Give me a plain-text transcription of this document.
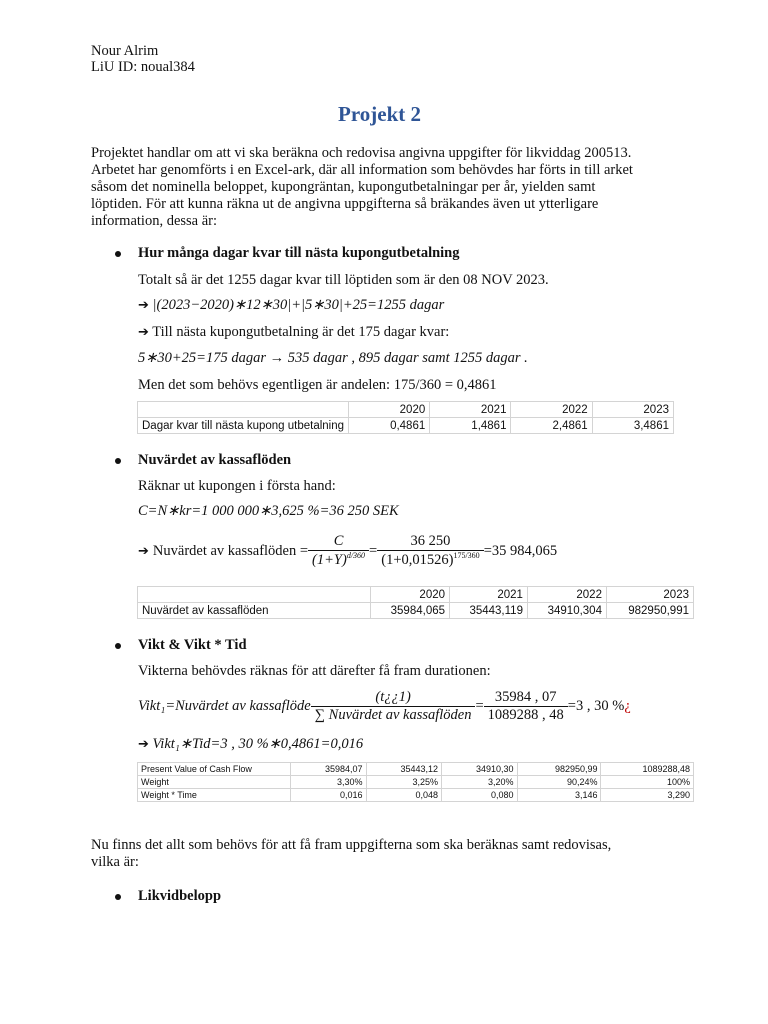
Nour Alrim
LiU ID: noual384
Projekt 2
Projektet handlar om att vi ska beräkna och redovisa angivna uppgifter för likviddag 200513.
Arbetet har genomförts i en Excel-ark, där all information som behövdes har förts in till arket
såsom det nominella beloppet, kupongräntan, kupongutbetalningar per år, yielden samt
löptiden. För att kunna räkna ut de angivna uppgifterna så bräkandes även ut ytterligare
information, dessa är:
Hur många dagar kvar till nästa kupongutbetalning
Totalt så är det 1255 dagar kvar till löptiden som är den 08 NOV 2023.
➔ |(2023−2020)∗12∗30|+|5∗30|+25=1255 dagar
➔ Till nästa kupongutbetalning är det 175 dagar kvar:
5∗30+25=175 dagar → 535 dagar , 895 dagar samt 1255 dagar .
Men det som behövs egentligen är andelen: 175/360 = 0,4861
	2020	2021	2022	2023
Dagar kvar till nästa kupong utbetalning	0,4861	1,4861	2,4861	3,4861
Nuvärdet av kassaflöden
Räknar ut kupongen i första hand:
C=N∗kr=1 000 000∗3,625 %=36 250 SEK
➔ Nuvärdet av kassaflöden = $\frac{C}{(1+Y)^{d/360}} = \frac{36 250}{(1+0,01526)^{175/360}} =35$ 984,065
	2020	2021	2022	2023
Nuvärdet av kassaflöden	35984,065	35443,119	34910,304	982950,991
Vikt & Vikt * Tid
Vikterna behövdes räknas för att därefter få fram durationen:
Vikt₁=Nuvärdet av kassaflöde $\frac{(t¿¿1)}{\text{∑ Nuvärdet av kassaflöden}} = \frac{35984 , 07}{1089288 , 48} =3$ , 30 % ¿
➔ Vikt₁∗Tid=3 , 30 %∗0,4861=0,016
Present Value of Cash Flow	35984,07	35443,12	34910,30	982950,99	1089288,48
Weight	3,30%	3,25%	3,20%	90,24%	100%
Weight * Time	0,016	0,048	0,080	3,146	3,290
Nu finns det allt som behövs för att få fram uppgifterna som ska beräknas samt redovisas,
vilka är:
Likvidbelopp
